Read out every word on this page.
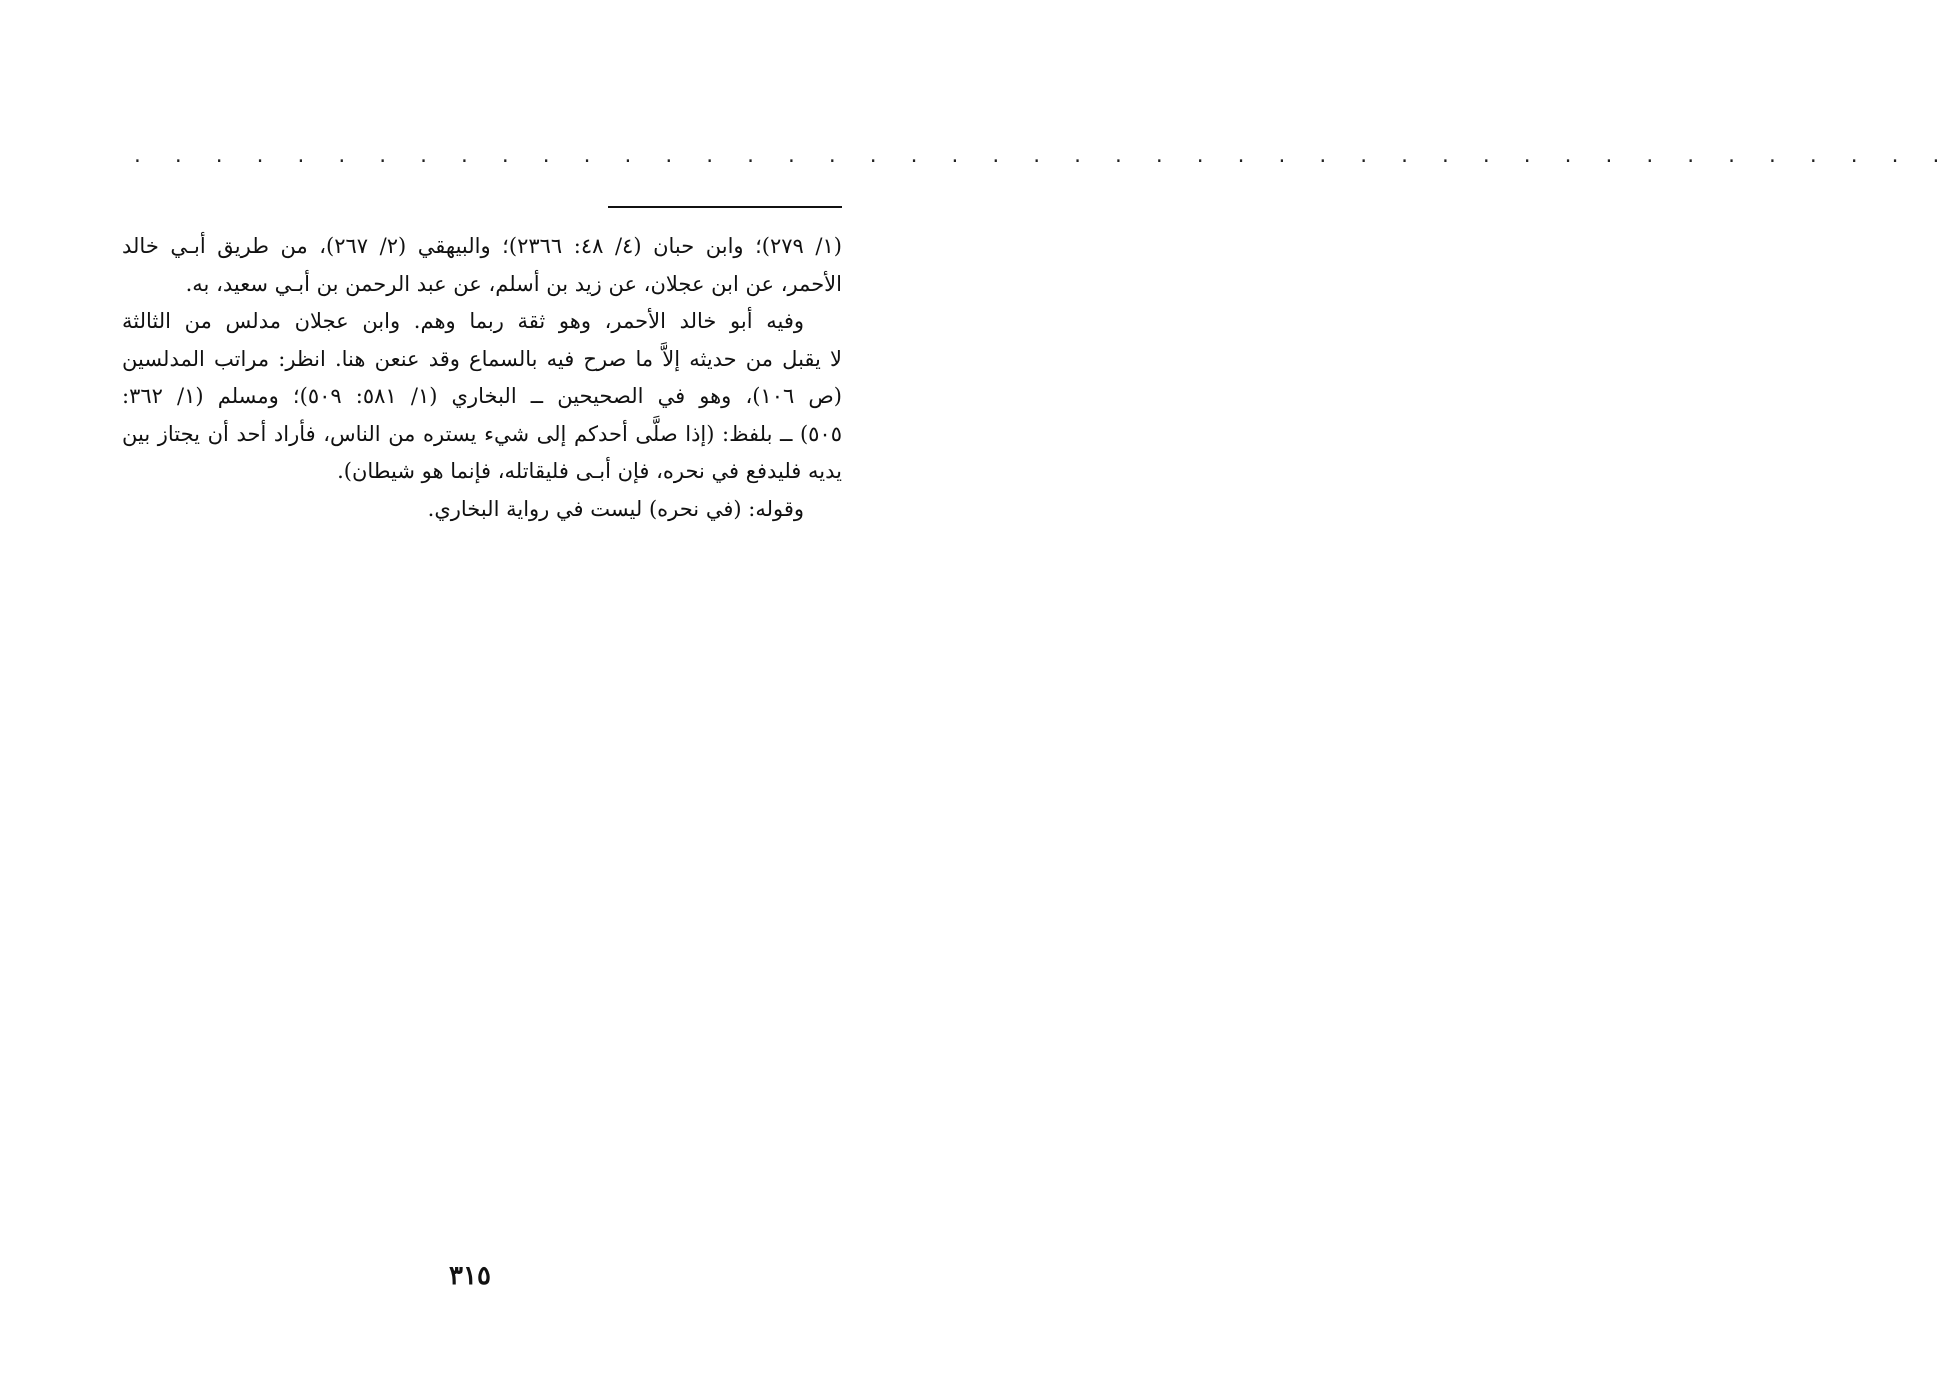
. . . . . . . . . . . . . . . . . . . . . . . . . . . . . . . . . . . . . . . . . . . . .
(١/ ٢٧٩)؛ وابن حبان (٤/ ٤٨: ٢٣٦٦)؛ والبيهقي (٢/ ٢٦٧)، من طريق أبـي خالد
الأحمر، عن ابن عجلان، عن زيد بن أسلم، عن عبد الرحمن بن أبـي سعيد، به.
وفيه أبو خالد الأحمر، وهو ثقة ربما وهم. وابن عجلان مدلس من الثالثة
لا يقبل من حديثه إلاَّ ما صرح فيه بالسماع وقد عنعن هنا. انظر: مراتب المدلسين
(ص ١٠٦)، وهو في الصحيحين ــ البخاري (١/ ٥٨١: ٥٠٩)؛ ومسلم (١/ ٣٦٢:
٥٠٥) ــ بلفظ: (إذا صلَّى أحدكم إلى شيء يستره من الناس، فأراد أحد أن يجتاز بين
يديه فليدفع في نحره، فإن أبـى فليقاتله، فإنما هو شيطان).
وقوله: (في نحره) ليست في رواية البخاري.
٣١٥
